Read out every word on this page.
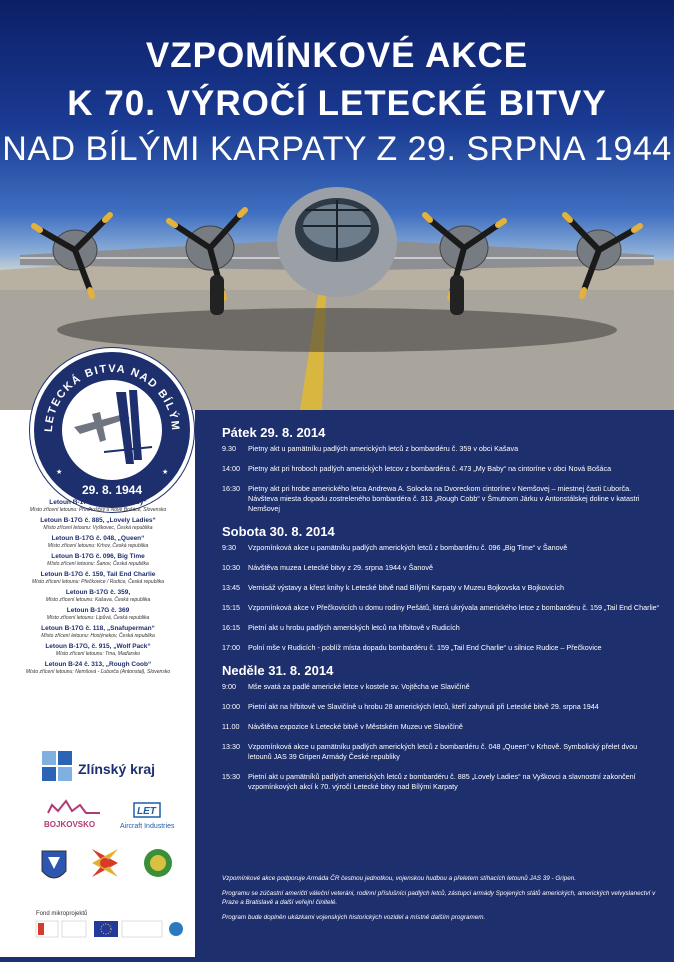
VZPOMÍNKOVÉ AKCE
K 70. VÝROČÍ LETECKÉ BITVY
NAD BÍLÝMI KARPATY Z 29. SRPNA 1944
LETECKÁ BITVA NAD BÍLÝM
29. 8. 1944
★	★
Letoun B-17G č. 473 „My Baby“
Místo zřícení letounu: Predhoščky u Nové Bošáce, Slovensko
Letoun B-17G č. 885, „Lovely Ladies“
Místo zřícení letounu: Vyškovec, Česká republika
Letoun B-17G č. 048, „Queen“
Místo zřícení letounu: Krhov, Česká republika
Letoun B-17G č. 096, Big Time
Místo zřícení letounu: Šanov, Česká republika
Letoun B-17G č. 159, Tail End Charlie
Místo zřícení letounu: Přečkovice / Rudice, Česká republika
Letoun B-17G č. 359,
Místo zřícení letounu: Kašava, Česká republika
Letoun B-17G č. 369
Místo zřícení letounu: Lipůvá, Česká republika
Letoun B-17G č. 118, „Snafuperman“
Místo zřícení letounu: Hostýnekov, Česká republika
Letoun B-17G, č. 915, „Wolf Pack“
Místo zřícení letounu: Trna, Maďarsko
Letoun B-24 č. 313, „Rough Coob“
Místo zřícení letounu: Nemšová - Ľuborča (Antonstal), Slovensko
Zlínský kraj
BOJKOVSKO
LET
Aircraft Industries
Fond mikroprojektů
Pátek 29. 8. 2014
9.30	Pietny akt u pamätníku padlých amerických letců z bombardéru č. 359 v obci Kašava
14:00	Pietny akt pri hroboch padlých amerických letcov z bombardéra č. 473 „My Baby“ na cintoríne v obci Nová Bošáca
16:30	Pietny akt pri hrobe amerického letca Andrewa A. Solocka na Dvoreckom cintoríne v Nemšovej – miestnej časti Ľuborča. Návšteva miesta dopadu zostreleného bombardéra č. 313 „Rough Cobb“ v Šmutnom Járku v Antonstálskej doline v katastri Nemšovej
Sobota 30. 8. 2014
9:30	Vzpomínková akce u pamätníku padlých amerických letců z bombardéru č. 096 „Big Time“ v Šanově
10:30	Návštěva muzea Letecké bitvy z 29. srpna 1944 v Šanově
13:45	Vernisáž výstavy a křest knihy k Letecké bitvě nad Bílými Karpaty v Muzeu Bojkovska v Bojkovicích
15:15	Vzpomínková akce v Přečkovicích u domu rodiny Pešátů, která ukrývala amerického letce z bombardéru č. 159 „Tail End Charlie“
16:15	Pietní akt u hrobu padlých amerických letců na hřbitově v Rudicích
17:00	Polní mše v Rudicích - poblíž místa dopadu bombardéru č. 159 „Tail End Charlie“ u silnice Rudice – Přečkovice
Neděle 31. 8. 2014
9:00	Mše svatá za padlé americké letce v kostele sv. Vojtěcha ve Slavičíně
10:00	Pietní akt na hřbitově ve Slavičíně u hrobu 28 amerických letců, kteří zahynuli při Letecké bitvě 29. srpna 1944
11.00	Návštěva expozice k Letecké bitvě v Městském Muzeu ve Slavičíně
13:30	Vzpomínková akce u pamätníku padlých amerických letců z bombardéru č. 048 „Queen“ v Krhově. Symbolický přelet dvou letounů JAS 39 Gripen Armády České republiky
15:30	Pietní akt u pamätníků padlých amerických letců z bombardéru č. 885 „Lovely Ladies“ na Vyškovci a slavnostní zakončení vzpomínkových akcí k 70. výročí Letecké bitvy nad Bílými Karpaty

Vzpomínkové akce podporuje Armáda ČR čestnou jednotkou, vojenskou hudbou a přeletem stíhacích letounů JAS 39 - Gripen.

Programu se zúčastní američtí váleční veteráni, rodinní příslušníci padlých letců, zástupci armády Spojených států amerických, amerických velvyslanectví v Praze a Bratislavě a další veřejní činitelé.

Program bude doplněn ukázkami vojenských historických vozidel a místně dalším programem.
